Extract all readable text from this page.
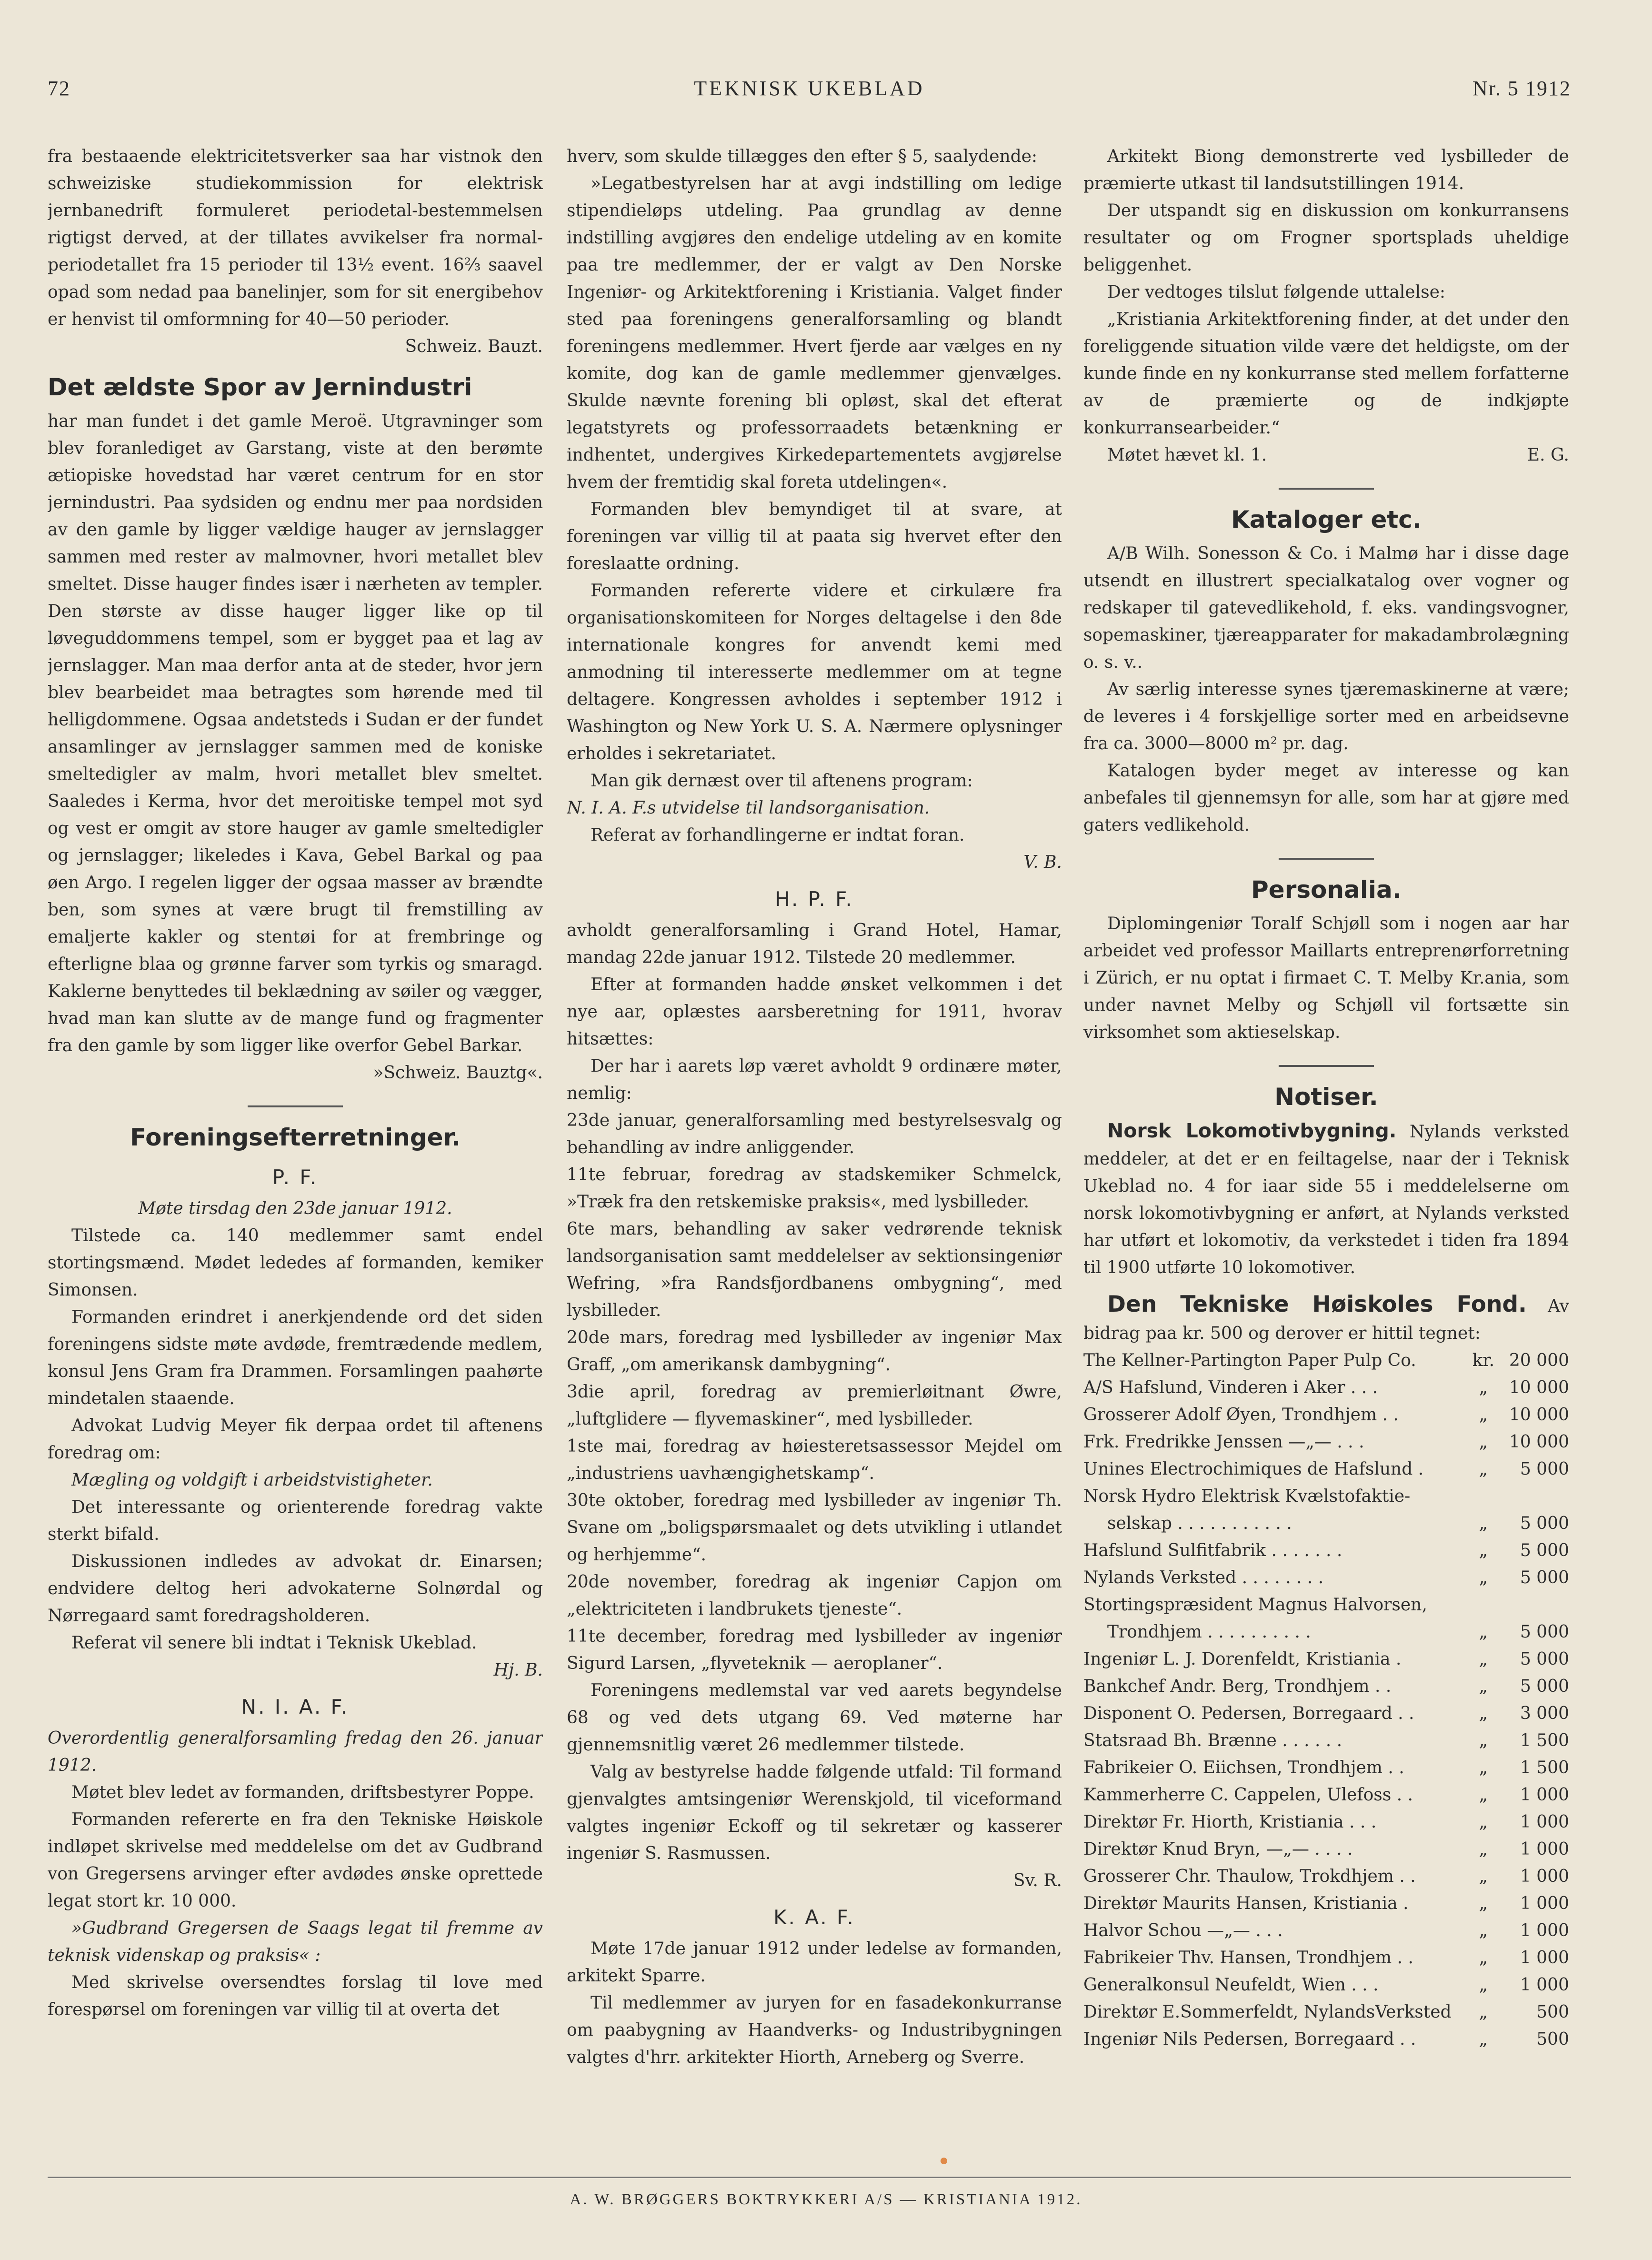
72	TEKNISK UKEBLAD	Nr. 5 1912

fra bestaaende elektricitetsverker saa har vistnok den schweiziske studiekommission for elektrisk jernbanedrift formuleret periodetal-bestemmelsen rigtigst derved, at der tillates avvikelser fra normal-periodetallet fra 15 perioder til 13½ event. 16⅔ saavel opad som nedad paa banelinjer, som for sit energibehov er henvist til omformning for 40—50 perioder.

Schweiz. Bauzt.

Det ældste Spor av Jernindustri

har man fundet i det gamle Meroë. Utgravninger som blev foranlediget av Garstang, viste at den berømte ætiopiske hovedstad har været centrum for en stor jernindustri. Paa sydsiden og endnu mer paa nordsiden av den gamle by ligger vældige hauger av jernslagger sammen med rester av malmovner, hvori metallet blev smeltet. Disse hauger findes især i nærheten av templer. Den største av disse hauger ligger like op til løveguddommens tempel, som er bygget paa et lag av jernslagger. Man maa derfor anta at de steder, hvor jern blev bearbeidet maa betragtes som hørende med til helligdommene. Ogsaa andetsteds i Sudan er der fundet ansamlinger av jernslagger sammen med de koniske smeltedigler av malm, hvori metallet blev smeltet. Saaledes i Kerma, hvor det meroitiske tempel mot syd og vest er omgit av store hauger av gamle smeltedigler og jernslagger; likeledes i Kava, Gebel Barkal og paa øen Argo. I regelen ligger der ogsaa masser av brændte ben, som synes at være brugt til fremstilling av emaljerte kakler og stentøi for at frembringe og efterligne blaa og grønne farver som tyrkis og smaragd. Kaklerne benyttedes til beklædning av søiler og vægger, hvad man kan slutte av de mange fund og fragmenter fra den gamle by som ligger like overfor Gebel Barkar.

»Schweiz. Bauztg«.

Foreningsefterretninger.
P. F.

Møte tirsdag den 23de januar 1912.

Tilstede ca. 140 medlemmer samt endel stortingsmænd. Mødet lededes af formanden, kemiker Simonsen.

Formanden erindret i anerkjendende ord det siden foreningens sidste møte avdøde, fremtrædende medlem, konsul Jens Gram fra Drammen. Forsamlingen paahørte mindetalen staaende.

Advokat Ludvig Meyer fik derpaa ordet til aftenens foredrag om:

Mægling og voldgift i arbeidstvistigheter.

Det interessante og orienterende foredrag vakte sterkt bifald.

Diskussionen indledes av advokat dr. Einarsen; endvidere deltog heri advokaterne Solnørdal og Nørregaard samt foredragsholderen.

Referat vil senere bli indtat i Teknisk Ukeblad.

Hj. B.

N. I. A. F.

Overordentlig generalforsamling fredag den 26. januar 1912.

Møtet blev ledet av formanden, driftsbestyrer Poppe.

Formanden refererte en fra den Tekniske Høiskole indløpet skrivelse med meddelelse om det av Gudbrand von Gregersens arvinger efter avdødes ønske oprettede legat stort kr. 10 000.

»Gudbrand Gregersen de Saags legat til fremme av teknisk videnskap og praksis« :

Med skrivelse oversendtes forslag til love med forespørsel om foreningen var villig til at overta det

hverv, som skulde tillægges den efter § 5, saalydende:

»Legatbestyrelsen har at avgi indstilling om ledige stipendieløps utdeling. Paa grundlag av denne indstilling avgjøres den endelige utdeling av en komite paa tre medlemmer, der er valgt av Den Norske Ingeniør- og Arkitektforening i Kristiania. Valget finder sted paa foreningens generalforsamling og blandt foreningens medlemmer. Hvert fjerde aar vælges en ny komite, dog kan de gamle medlemmer gjenvælges. Skulde nævnte forening bli opløst, skal det efterat legatstyrets og professorraadets betænkning er indhentet, undergives Kirkedepartementets avgjørelse hvem der fremtidig skal foreta utdelingen«.

Formanden blev bemyndiget til at svare, at foreningen var villig til at paata sig hvervet efter den foreslaatte ordning.

Formanden refererte videre et cirkulære fra organisationskomiteen for Norges deltagelse i den 8de internationale kongres for anvendt kemi med anmodning til interesserte medlemmer om at tegne deltagere. Kongressen avholdes i september 1912 i Washington og New York U. S. A. Nærmere oplysninger erholdes i sekretariatet.

Man gik dernæst over til aftenens program:

N. I. A. F.s utvidelse til landsorganisation.

Referat av forhandlingerne er indtat foran.

V. B.

H. P. F.

avholdt generalforsamling i Grand Hotel, Hamar, mandag 22de januar 1912. Tilstede 20 medlemmer.

Efter at formanden hadde ønsket velkommen i det nye aar, oplæstes aarsberetning for 1911, hvorav hitsættes:

Der har i aarets løp været avholdt 9 ordinære møter, nemlig:

23de januar, generalforsamling med bestyrelsesvalg og behandling av indre anliggender.

11te februar, foredrag av stadskemiker Schmelck, »Træk fra den retskemiske praksis«, med lysbilleder.

6te mars, behandling av saker vedrørende teknisk landsorganisation samt meddelelser av sektionsingeniør Wefring, »fra Randsfjordbanens ombygning“, med lysbilleder.

20de mars, foredrag med lysbilleder av ingeniør Max Graff, „om amerikansk dambygning“.

3die april, foredrag av premierløitnant Øwre, „luftglidere — flyvemaskiner“, med lysbilleder.

1ste mai, foredrag av høiesteretsassessor Mejdel om „industriens uavhængighetskamp“.

30te oktober, foredrag med lysbilleder av ingeniør Th. Svane om „boligspørsmaalet og dets utvikling i utlandet og herhjemme“.

20de november, foredrag ak ingeniør Capjon om „elektriciteten i landbrukets tjeneste“.

11te december, foredrag med lysbilleder av ingeniør Sigurd Larsen, „flyveteknik — aeroplaner“.

Foreningens medlemstal var ved aarets begyndelse 68 og ved dets utgang 69. Ved møterne har gjennemsnitlig været 26 medlemmer tilstede.

Valg av bestyrelse hadde følgende utfald: Til formand gjenvalgtes amtsingeniør Werenskjold, til viceformand valgtes ingeniør Eckoff og til sekretær og kasserer ingeniør S. Rasmussen.

Sv. R.

K. A. F.

Møte 17de januar 1912 under ledelse av formanden, arkitekt Sparre.

Til medlemmer av juryen for en fasadekonkurranse om paabygning av Haandverks- og Industribygningen valgtes d'hrr. arkitekter Hiorth, Arneberg og Sverre.

Arkitekt Biong demonstrerte ved lysbilleder de præmierte utkast til landsutstillingen 1914.

Der utspandt sig en diskussion om konkurransens resultater og om Frogner sportsplads uheldige beliggenhet.

Der vedtoges tilslut følgende uttalelse:

„Kristiania Arkitektforening finder, at det under den foreliggende situation vilde være det heldigste, om der kunde finde en ny konkurranse sted mellem forfatterne av de præmierte og de indkjøpte konkurransearbeider.“

Møtet hævet kl. 1.	E. G.

Kataloger etc.

A/B Wilh. Sonesson & Co. i Malmø har i disse dage utsendt en illustrert specialkatalog over vogner og redskaper til gatevedlikehold, f. eks. vandingsvogner, sopemaskiner, tjæreapparater for makadambrolægning o. s. v..

Av særlig interesse synes tjæremaskinerne at være; de leveres i 4 forskjellige sorter med en arbeidsevne fra ca. 3000—8000 m² pr. dag.

Katalogen byder meget av interesse og kan anbefales til gjennemsyn for alle, som har at gjøre med gaters vedlikehold.

Personalia.

Diplomingeniør Toralf Schjøll som i nogen aar har arbeidet ved professor Maillarts entreprenørforretning i Zürich, er nu optat i firmaet C. T. Melby Kr.ania, som under navnet Melby og Schjøll vil fortsætte sin virksomhet som aktieselskap.

Notiser.

Norsk Lokomotivbygning. Nylands verksted meddeler, at det er en feiltagelse, naar der i Teknisk Ukeblad no. 4 for iaar side 55 i meddelelserne om norsk lokomotivbygning er anført, at Nylands verksted har utført et lokomotiv, da verkstedet i tiden fra 1894 til 1900 utførte 10 lokomotiver.

Den Tekniske Høiskoles Fond. Av bidrag paa kr. 500 og derover er hittil tegnet:

The Kellner-Partington Paper Pulp Co.	kr. 20 000
A/S Hafslund, Vinderen i Aker . . .	„	10 000
Grosserer Adolf Øyen, Trondhjem . .	„	10 000
Frk. Fredrikke Jenssen —„— . . .	„	10 000
Unines Electrochimiques de Hafslund .	„	5 000
Norsk Hydro Elektrisk Kvælstofaktie-
selskap . . . . . . . . . . .	„	5 000
Hafslund Sulfitfabrik . . . . . . .	„	5 000
Nylands Verksted . . . . . . . .	„	5 000
Stortingspræsident Magnus Halvorsen,
Trondhjem . . . . . . . . . .	„	5 000
Ingeniør L. J. Dorenfeldt, Kristiania .	„	5 000
Bankchef Andr. Berg, Trondhjem . .	„	5 000
Disponent O. Pedersen, Borregaard . .	„	3 000
Statsraad Bh. Brænne . . . . . .	„	1 500
Fabrikeier O. Eiichsen, Trondhjem . .	„	1 500
Kammerherre C. Cappelen, Ulefoss . .	„	1 000
Direktør Fr. Hiorth, Kristiania . . .	„	1 000
Direktør Knud Bryn, —„— . . . .	„	1 000
Grosserer Chr. Thaulow, Trokdhjem . .	„	1 000
Direktør Maurits Hansen, Kristiania .	„	1 000
Halvor Schou —„— . . .	„	1 000
Fabrikeier Thv. Hansen, Trondhjem . .	„	1 000
Generalkonsul Neufeldt, Wien . . .	„	1 000
Direktør E.Sommerfeldt, NylandsVerksted	„	500
Ingeniør Nils Pedersen, Borregaard . .	„	500
A. W. BRØGGERS BOKTRYKKERI A/S — KRISTIANIA 1912.
